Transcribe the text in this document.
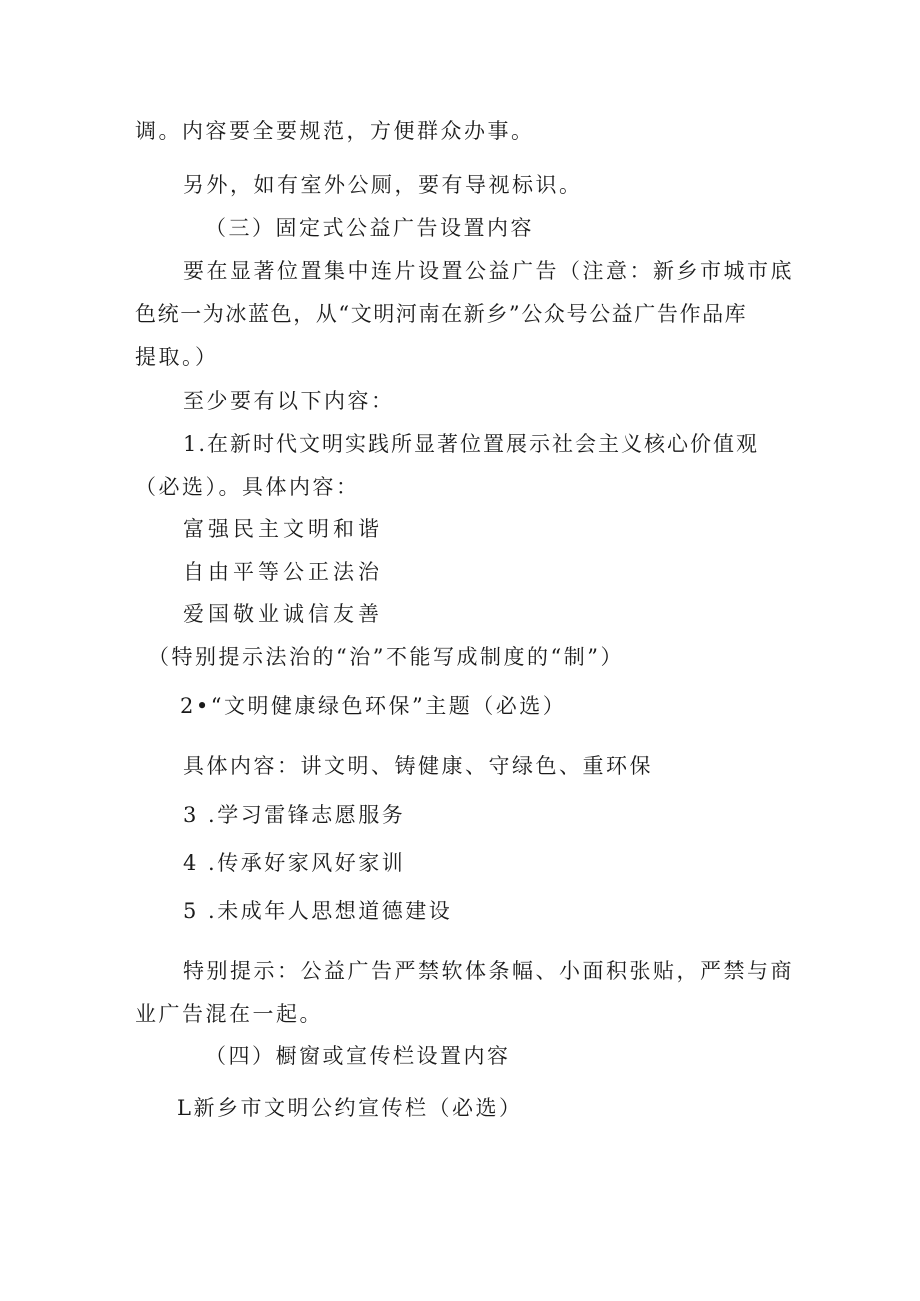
调。内容要全要规范，方便群众办事。
另外，如有室外公厕，要有导视标识。
（三）固定式公益广告设置内容
要在显著位置集中连片设置公益广告（注意：新乡市城市底
色统一为冰蓝色，从“文明河南在新乡”公众号公益广告作品库
提取。）
至少要有以下内容：
1.在新时代文明实践所显著位置展示社会主义核心价值观
（必选）。具体内容：
富强民主文明和谐
自由平等公正法治
爱国敬业诚信友善
（特别提示法治的“治”不能写成制度的“制”）
2•“文明健康绿色环保”主题（必选）
具体内容：讲文明、铸健康、守绿色、重环保
3 .学习雷锋志愿服务
4 .传承好家风好家训
5 .未成年人思想道德建设
特别提示：公益广告严禁软体条幅、小面积张贴，严禁与商
业广告混在一起。
（四）橱窗或宣传栏设置内容
L新乡市文明公约宣传栏（必选）
